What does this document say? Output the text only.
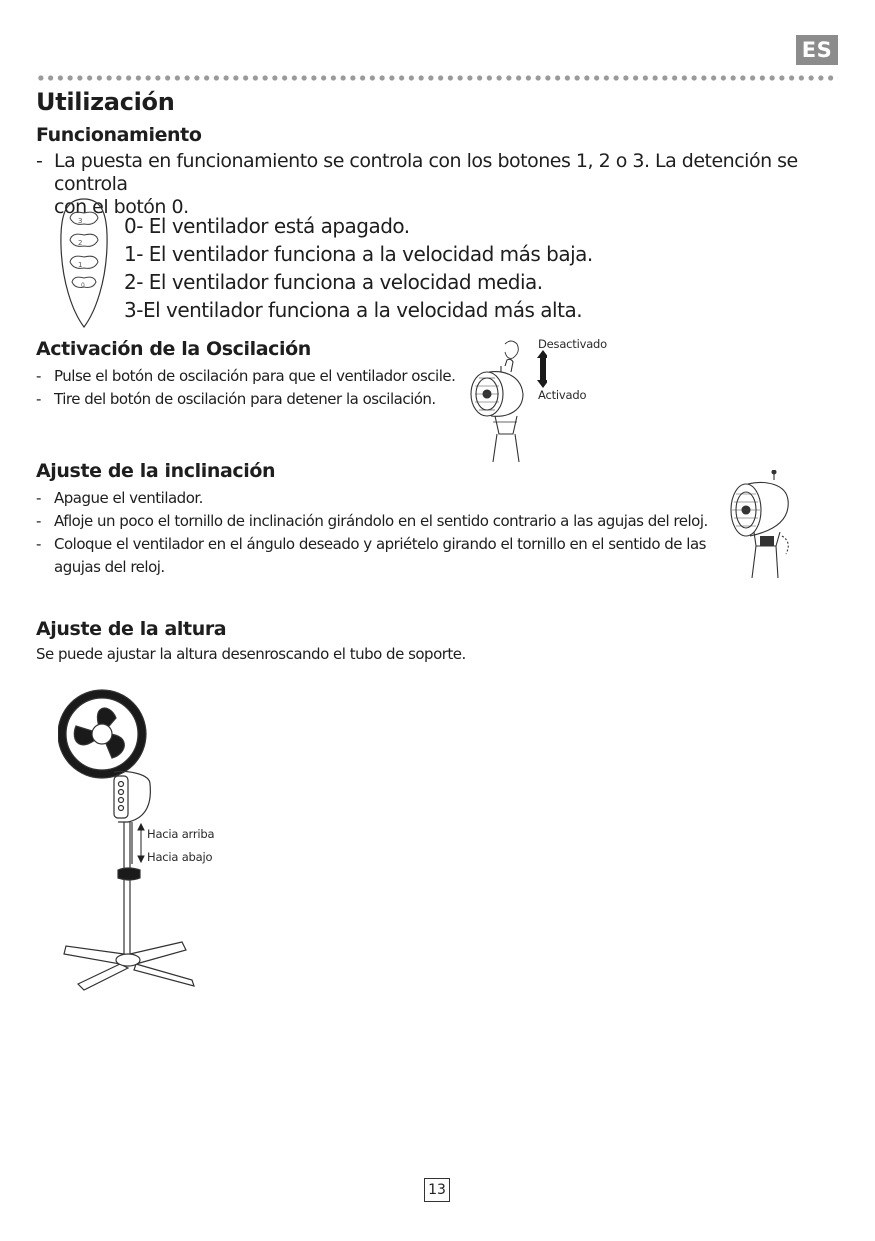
ES
Utilización
Funcionamiento
- La puesta en funcionamiento se controla con los botones 1, 2 o 3. La detención se controla
con el botón 0.
3
2
1
0
0- El ventilador está apagado.
1- El ventilador funciona a la velocidad más baja.
2- El ventilador funciona a velocidad media.
3-El ventilador funciona a la velocidad más alta.
Activación de la Oscilación
- Pulse el botón de oscilación para que el ventilador oscile.
- Tire del botón de oscilación para detener la oscilación.
Desactivado
Activado
Ajuste de la inclinación
- Apague el ventilador.
- Afloje un poco el tornillo de inclinación girándolo en el sentido contrario a las agujas del reloj.
- Coloque el ventilador en el ángulo deseado y apriételo girando el tornillo en el sentido de las
agujas del reloj.
Ajuste de la altura
Se puede ajustar la altura desenroscando el tubo de soporte.
Hacia arriba
Hacia abajo
13
